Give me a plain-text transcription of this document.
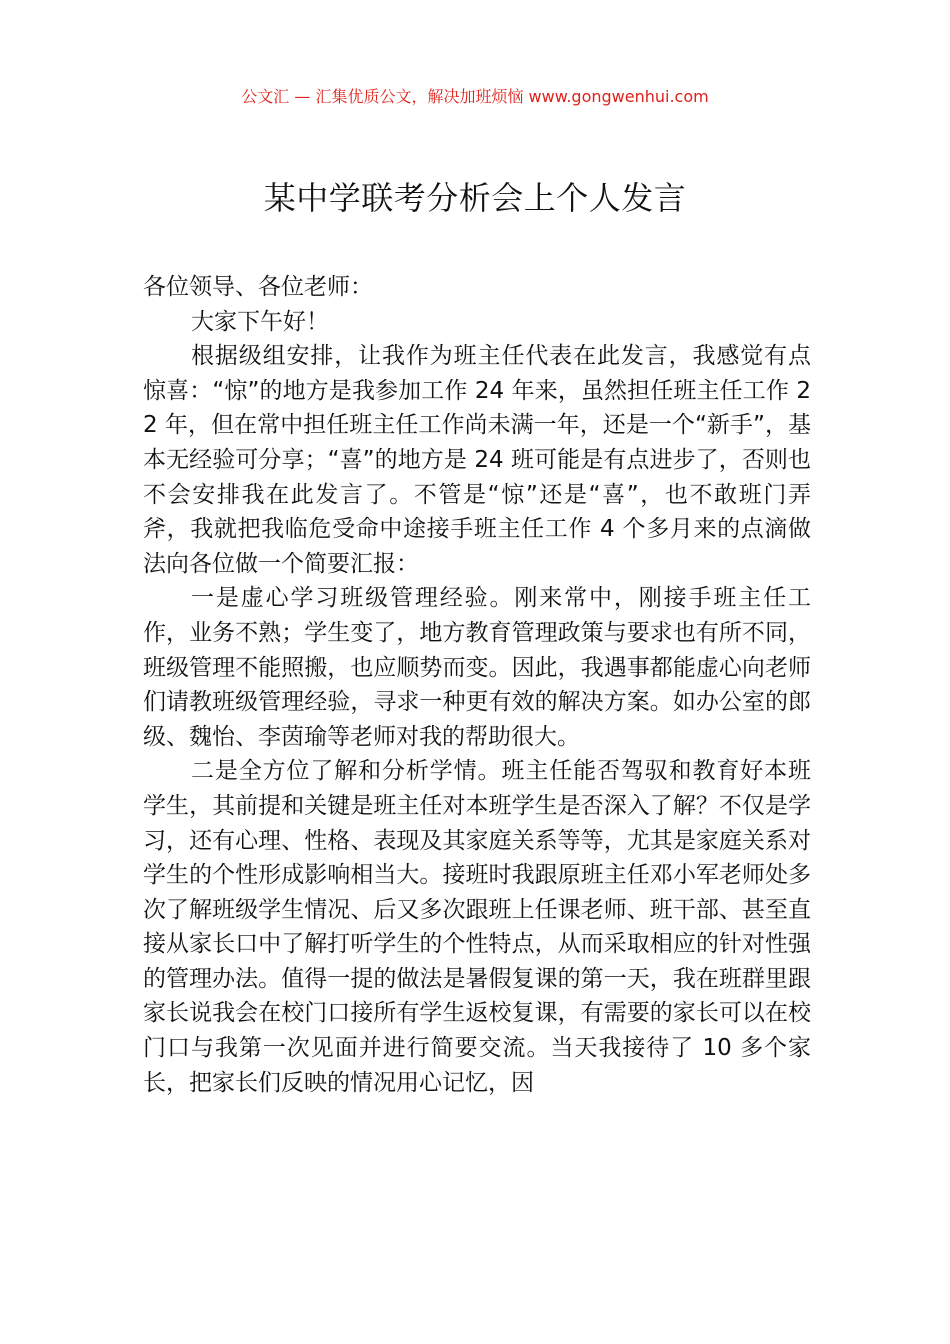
公文汇 — 汇集优质公文，解决加班烦恼 www.gongwenhui.com
某中学联考分析会上个人发言

各位领导、各位老师：

大家下午好！

根据级组安排，让我作为班主任代表在此发言，我感觉有点惊喜：“惊”的地方是我参加工作 24 年来，虽然担任班主任工作 22 年，但在常中担任班主任工作尚未满一年，还是一个“新手”，基本无经验可分享；“喜”的地方是 24 班可能是有点进步了，否则也不会安排我在此发言了。不管是“惊”还是“喜”，也不敢班门弄斧，我就把我临危受命中途接手班主任工作 4 个多月来的点滴做法向各位做一个简要汇报：

一是虚心学习班级管理经验。刚来常中，刚接手班主任工作，业务不熟；学生变了，地方教育管理政策与要求也有所不同，班级管理不能照搬，也应顺势而变。因此，我遇事都能虚心向老师们请教班级管理经验，寻求一种更有效的解决方案。如办公室的郎级、魏怡、李茵瑜等老师对我的帮助很大。

二是全方位了解和分析学情。班主任能否驾驭和教育好本班学生，其前提和关键是班主任对本班学生是否深入了解？不仅是学习，还有心理、性格、表现及其家庭关系等等，尤其是家庭关系对学生的个性形成影响相当大。接班时我跟原班主任邓小军老师处多次了解班级学生情况、后又多次跟班上任课老师、班干部、甚至直接从家长口中了解打听学生的个性特点，从而采取相应的针对性强的管理办法。值得一提的做法是暑假复课的第一天，我在班群里跟家长说我会在校门口接所有学生返校复课，有需要的家长可以在校门口与我第一次见面并进行简要交流。当天我接待了 10 多个家长，把家长们反映的情况用心记忆，因
